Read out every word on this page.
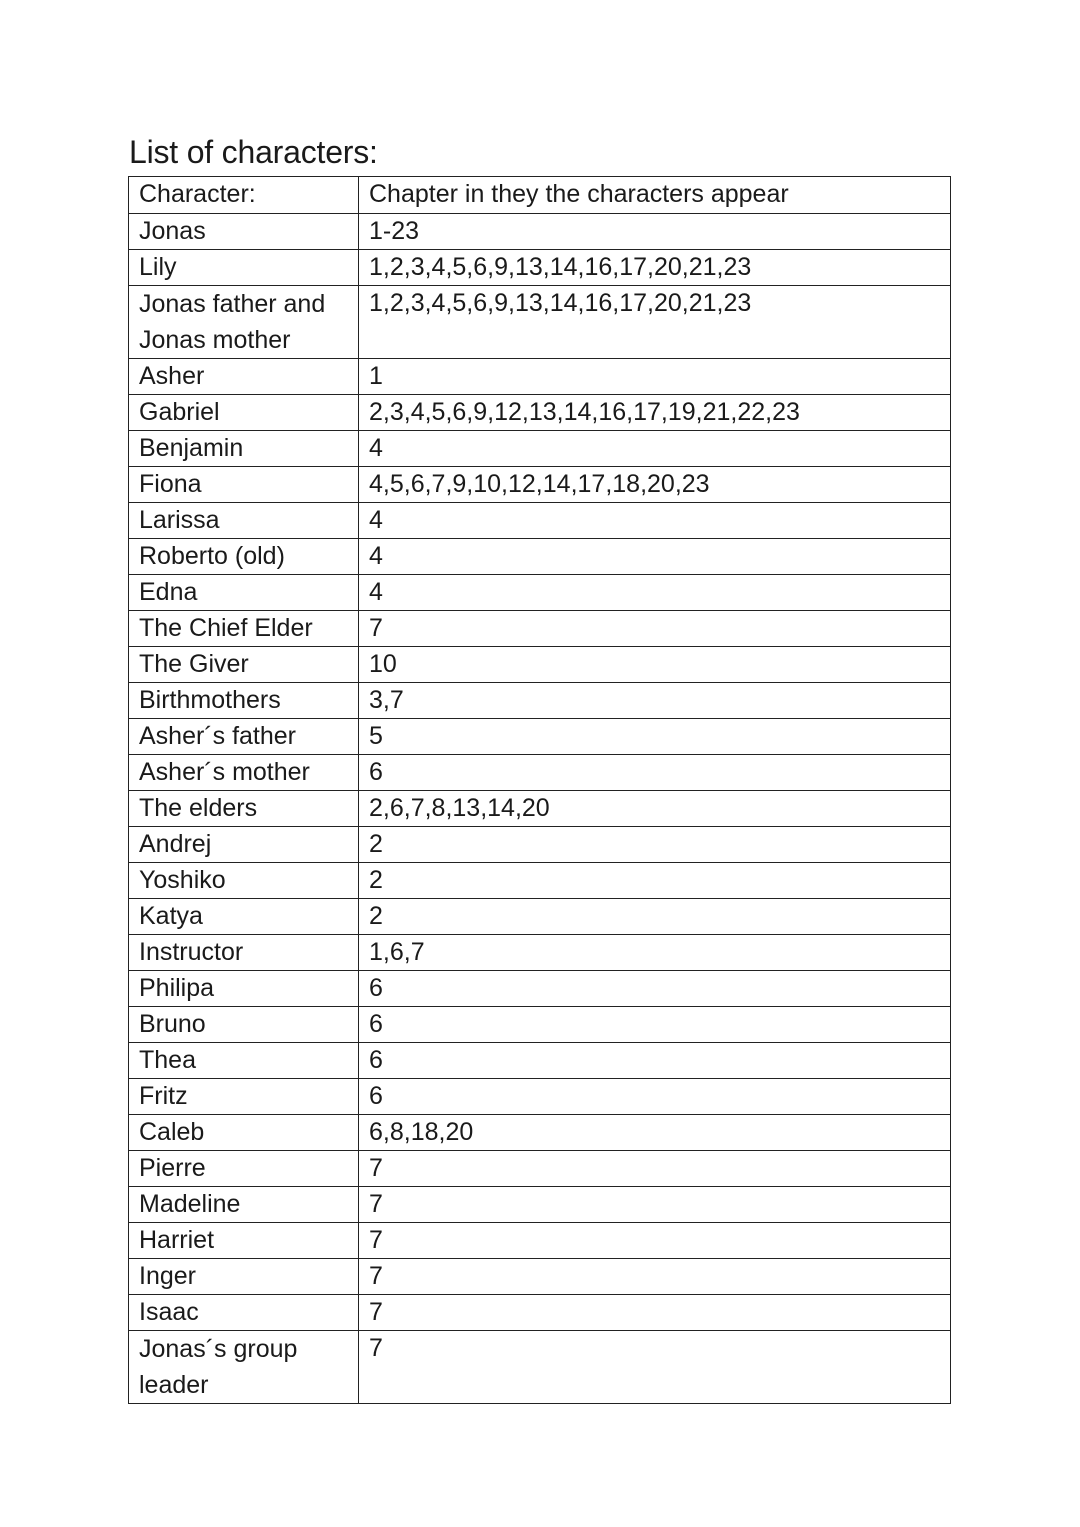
List of characters:
Character:	Chapter in they the characters appear
Jonas	1-23
Lily	1,2,3,4,5,6,9,13,14,16,17,20,21,23
Jonas father and
Jonas mother	1,2,3,4,5,6,9,13,14,16,17,20,21,23
Asher	1
Gabriel	2,3,4,5,6,9,12,13,14,16,17,19,21,22,23
Benjamin	4
Fiona	4,5,6,7,9,10,12,14,17,18,20,23
Larissa	4
Roberto (old)	4
Edna	4
The Chief Elder	7
The Giver	10
Birthmothers	3,7
Asher´s father	5
Asher´s mother	6
The elders	2,6,7,8,13,14,20
Andrej	2
Yoshiko	2
Katya	2
Instructor	1,6,7
Philipa	6
Bruno	6
Thea	6
Fritz	6
Caleb	6,8,18,20
Pierre	7
Madeline	7
Harriet	7
Inger	7
Isaac	7
Jonas´s group
leader	7
